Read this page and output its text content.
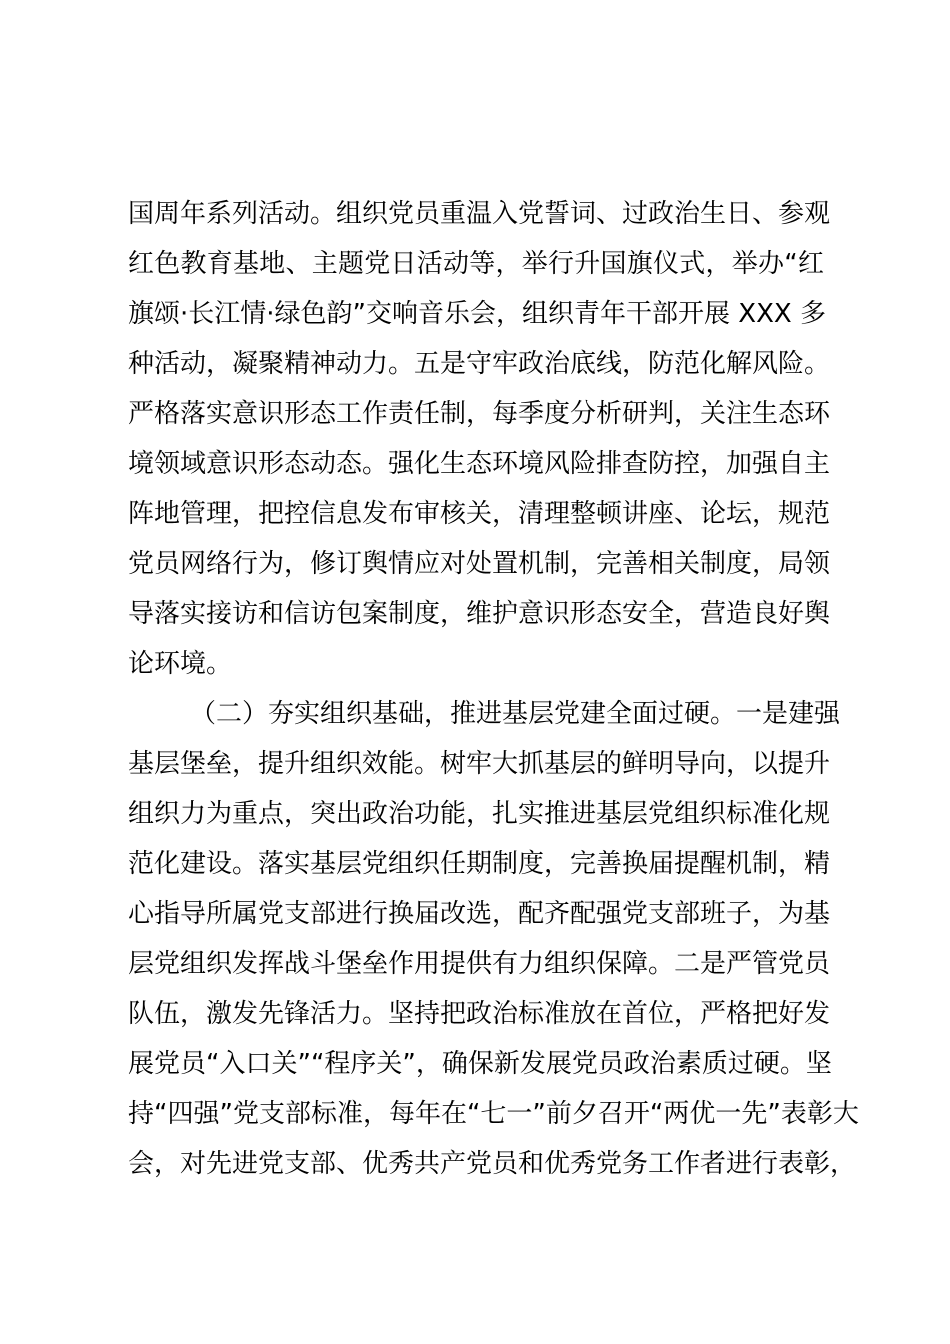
国周年系列活动。组织党员重温入党誓词、过政治生日、参观
红色教育基地、主题党日活动等，举行升国旗仪式，举办“红
旗颂·长江情·绿色韵”交响音乐会，组织青年干部开展 XXX 多
种活动，凝聚精神动力。五是守牢政治底线，防范化解风险。
严格落实意识形态工作责任制，每季度分析研判，关注生态环
境领域意识形态动态。强化生态环境风险排查防控，加强自主
阵地管理，把控信息发布审核关，清理整顿讲座、论坛，规范
党员网络行为，修订舆情应对处置机制，完善相关制度，局领
导落实接访和信访包案制度，维护意识形态安全，营造良好舆
论环境。
（二）夯实组织基础，推进基层党建全面过硬。一是建强
基层堡垒，提升组织效能。树牢大抓基层的鲜明导向，以提升
组织力为重点，突出政治功能，扎实推进基层党组织标准化规
范化建设。落实基层党组织任期制度，完善换届提醒机制，精
心指导所属党支部进行换届改选，配齐配强党支部班子，为基
层党组织发挥战斗堡垒作用提供有力组织保障。二是严管党员
队伍，激发先锋活力。坚持把政治标准放在首位，严格把好发
展党员“入口关”“程序关”，确保新发展党员政治素质过硬。坚
持“四强”党支部标准，每年在“七一”前夕召开“两优一先”表彰大
会，对先进党支部、优秀共产党员和优秀党务工作者进行表彰，
